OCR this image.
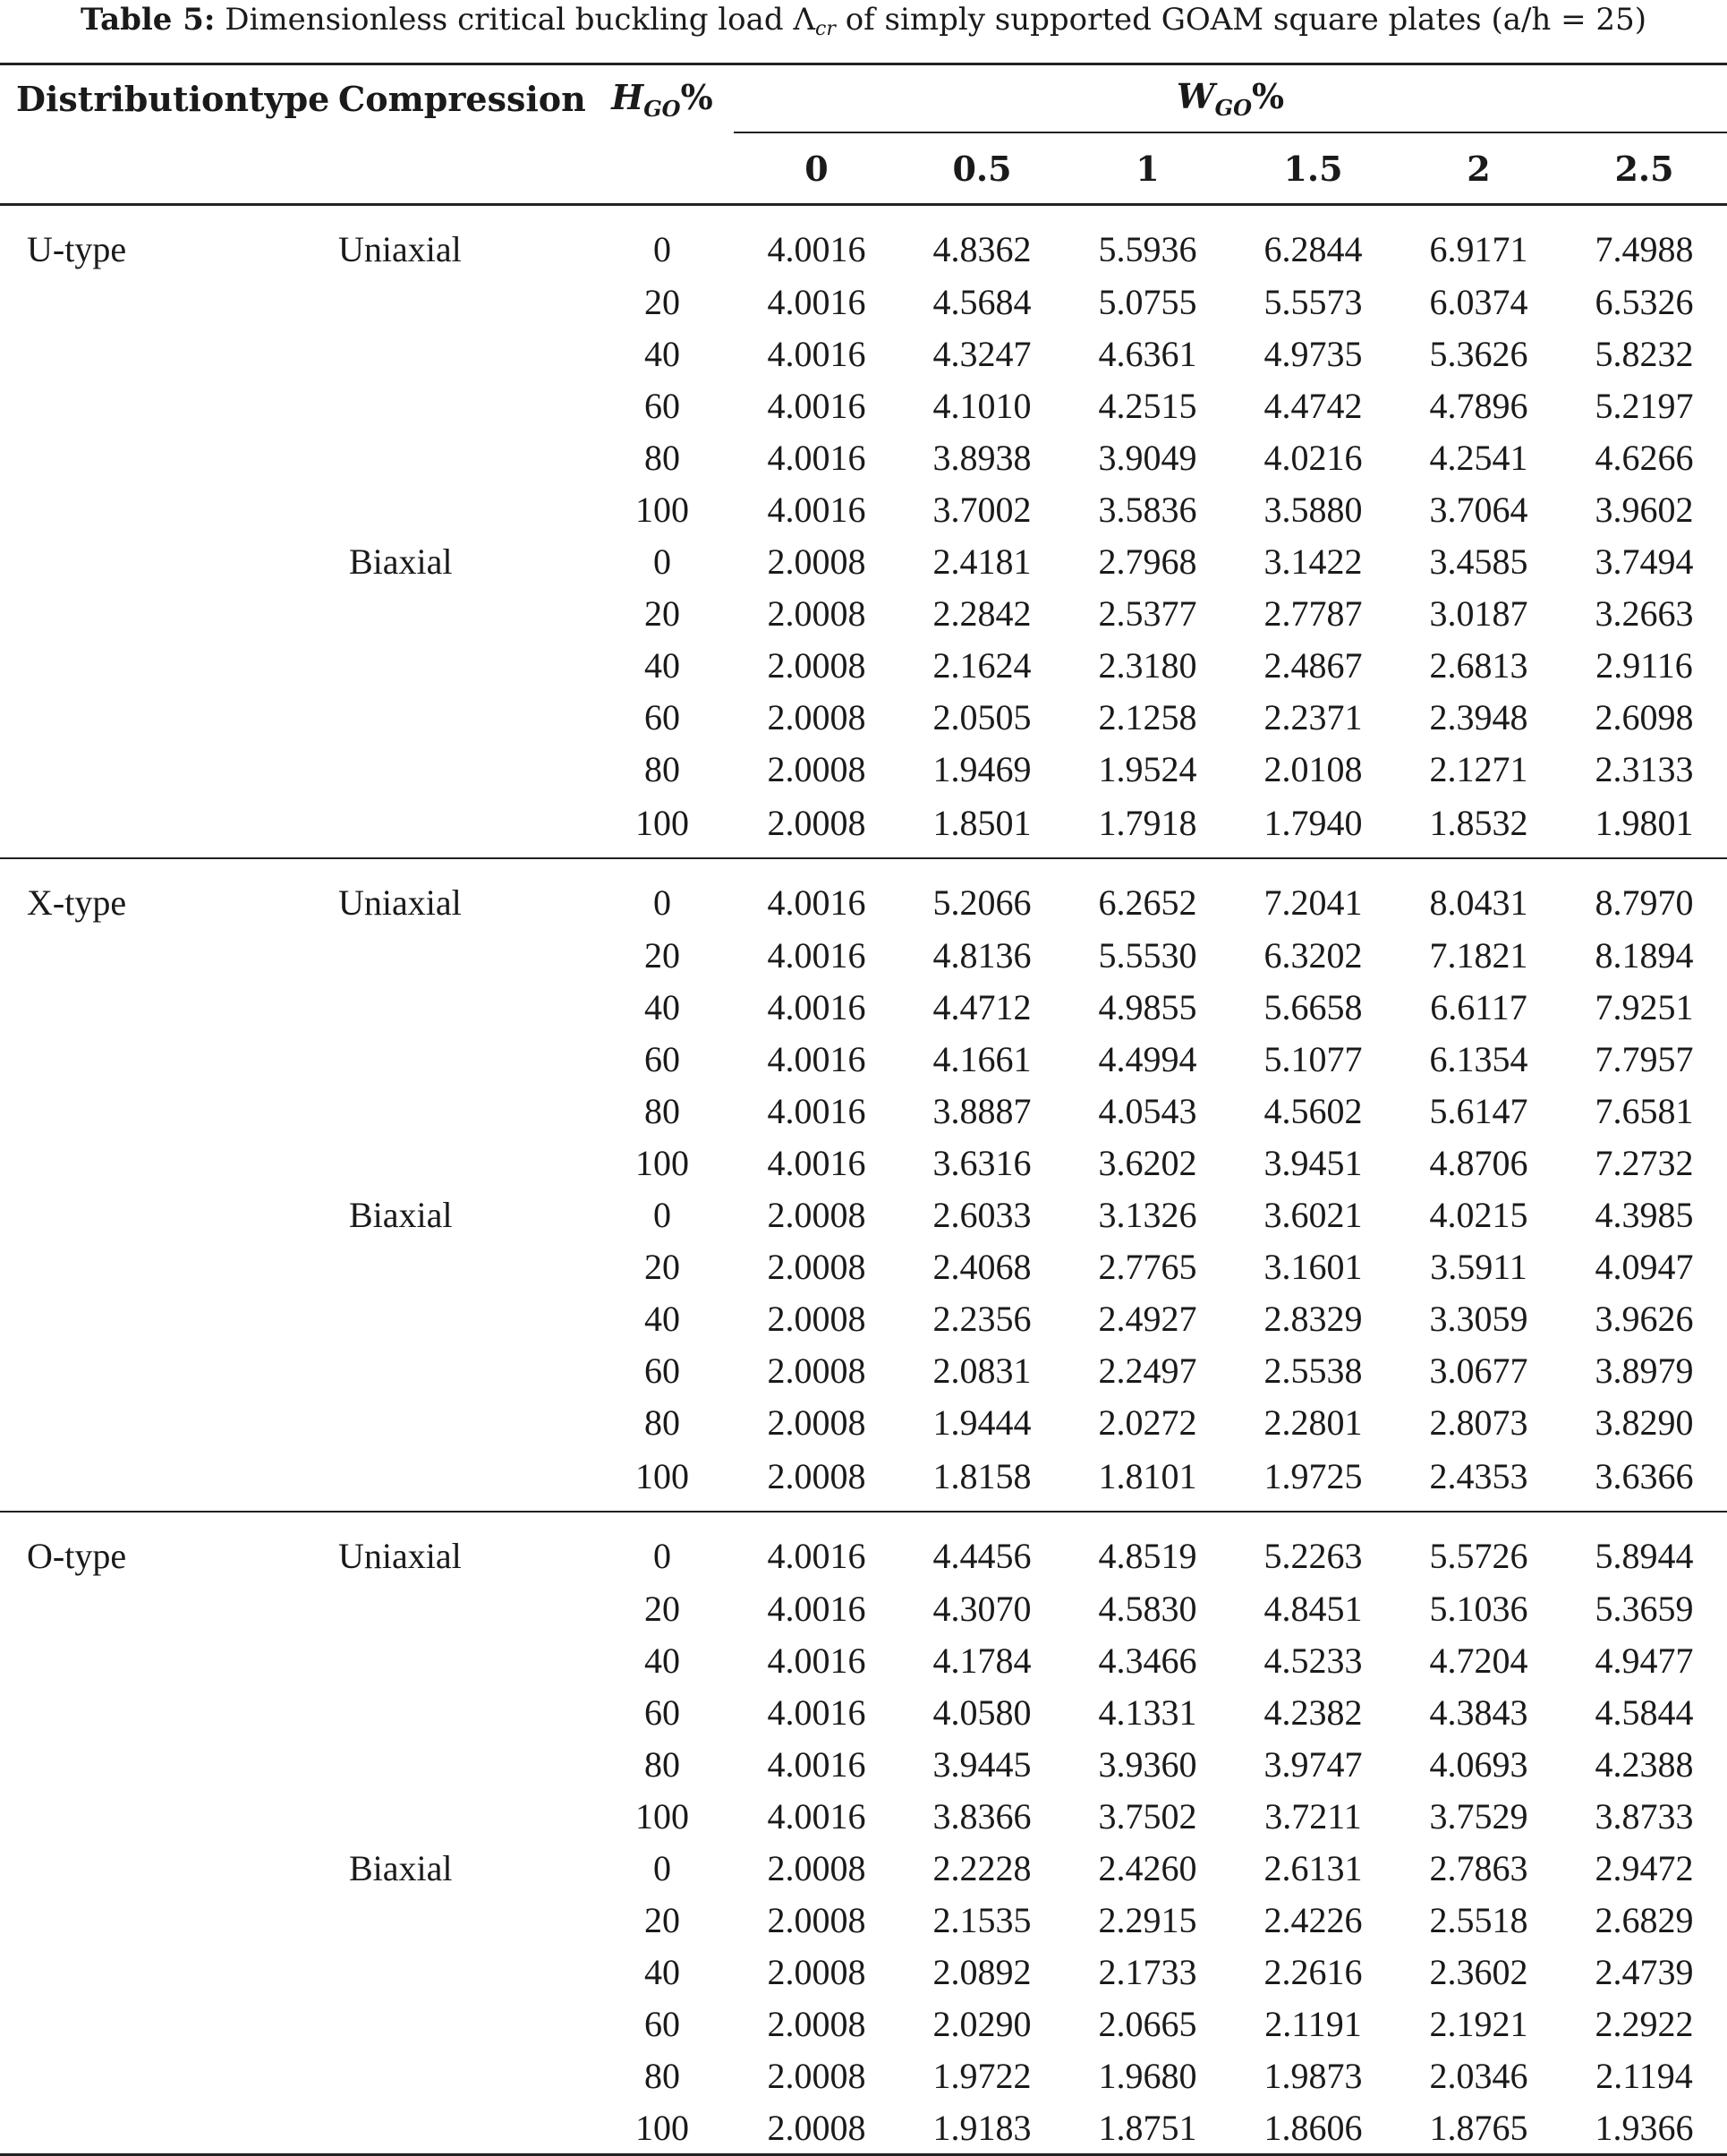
Table 5: Dimensionless critical buckling load $\Lambda_{cr}$ of simply supported GOAM square plates (a/h = 25)
Distributiontype	Compression	$H_{GO}\%$	$W_{GO}\%$					
			0	0.5	1	1.5	2	2.5
U-type	Uniaxial	0	4.0016	4.8362	5.5936	6.2844	6.9171	7.4988
		20	4.0016	4.5684	5.0755	5.5573	6.0374	6.5326
		40	4.0016	4.3247	4.6361	4.9735	5.3626	5.8232
		60	4.0016	4.1010	4.2515	4.4742	4.7896	5.2197
		80	4.0016	3.8938	3.9049	4.0216	4.2541	4.6266
		100	4.0016	3.7002	3.5836	3.5880	3.7064	3.9602
	Biaxial	0	2.0008	2.4181	2.7968	3.1422	3.4585	3.7494
		20	2.0008	2.2842	2.5377	2.7787	3.0187	3.2663
		40	2.0008	2.1624	2.3180	2.4867	2.6813	2.9116
		60	2.0008	2.0505	2.1258	2.2371	2.3948	2.6098
		80	2.0008	1.9469	1.9524	2.0108	2.1271	2.3133
		100	2.0008	1.8501	1.7918	1.7940	1.8532	1.9801
X-type	Uniaxial	0	4.0016	5.2066	6.2652	7.2041	8.0431	8.7970
		20	4.0016	4.8136	5.5530	6.3202	7.1821	8.1894
		40	4.0016	4.4712	4.9855	5.6658	6.6117	7.9251
		60	4.0016	4.1661	4.4994	5.1077	6.1354	7.7957
		80	4.0016	3.8887	4.0543	4.5602	5.6147	7.6581
		100	4.0016	3.6316	3.6202	3.9451	4.8706	7.2732
	Biaxial	0	2.0008	2.6033	3.1326	3.6021	4.0215	4.3985
		20	2.0008	2.4068	2.7765	3.1601	3.5911	4.0947
		40	2.0008	2.2356	2.4927	2.8329	3.3059	3.9626
		60	2.0008	2.0831	2.2497	2.5538	3.0677	3.8979
		80	2.0008	1.9444	2.0272	2.2801	2.8073	3.8290
		100	2.0008	1.8158	1.8101	1.9725	2.4353	3.6366
O-type	Uniaxial	0	4.0016	4.4456	4.8519	5.2263	5.5726	5.8944
		20	4.0016	4.3070	4.5830	4.8451	5.1036	5.3659
		40	4.0016	4.1784	4.3466	4.5233	4.7204	4.9477
		60	4.0016	4.0580	4.1331	4.2382	4.3843	4.5844
		80	4.0016	3.9445	3.9360	3.9747	4.0693	4.2388
		100	4.0016	3.8366	3.7502	3.7211	3.7529	3.8733
	Biaxial	0	2.0008	2.2228	2.4260	2.6131	2.7863	2.9472
		20	2.0008	2.1535	2.2915	2.4226	2.5518	2.6829
		40	2.0008	2.0892	2.1733	2.2616	2.3602	2.4739
		60	2.0008	2.0290	2.0665	2.1191	2.1921	2.2922
		80	2.0008	1.9722	1.9680	1.9873	2.0346	2.1194
		100	2.0008	1.9183	1.8751	1.8606	1.8765	1.9366
